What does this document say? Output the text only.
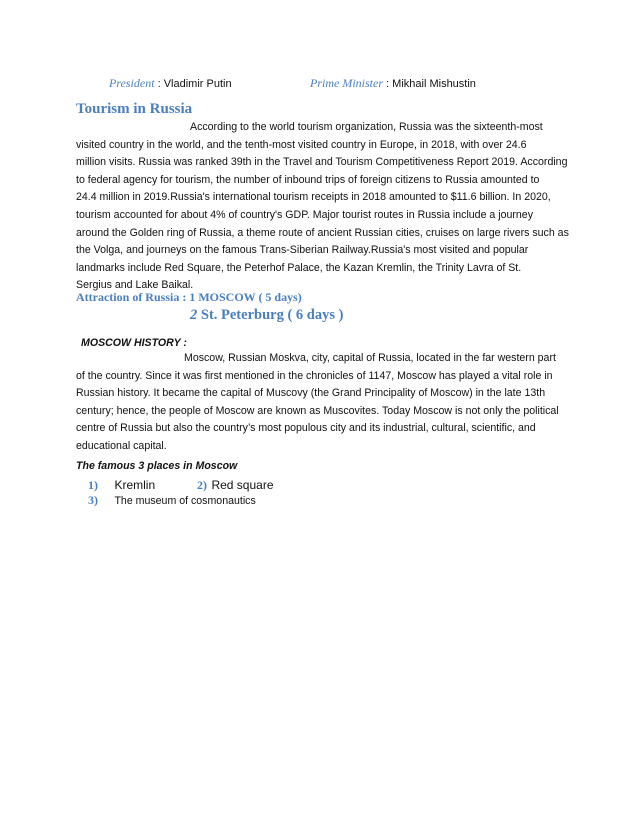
President : Vladimir Putin	Prime Minister : Mikhail Mishustin
Tourism in Russia
According to the world tourism organization, Russia was the sixteenth-most
visited country in the world, and the tenth-most visited country in Europe, in 2018, with over 24.6
million visits. Russia was ranked 39th in the Travel and Tourism Competitiveness Report 2019. According
to federal agency for tourism, the number of inbound trips of foreign citizens to Russia amounted to
24.4 million in 2019.Russia's international tourism receipts in 2018 amounted to $11.6 billion. In 2020,
tourism accounted for about 4% of country's GDP. Major tourist routes in Russia include a journey
around the Golden ring of Russia, a theme route of ancient Russian cities, cruises on large rivers such as
the Volga, and journeys on the famous Trans-Siberian Railway.Russia's most visited and popular
landmarks include Red Square, the Peterhof Palace, the Kazan Kremlin, the Trinity Lavra of St.
Sergius and Lake Baikal.
Attraction of Russia : 1 MOSCOW ( 5 days)
2 St. Peterburg ( 6 days )
MOSCOW HISTORY :
Moscow, Russian Moskva, city, capital of Russia, located in the far western part
of the country. Since it was first mentioned in the chronicles of 1147, Moscow has played a vital role in
Russian history. It became the capital of Muscovy (the Grand Principality of Moscow) in the late 13th
century; hence, the people of Moscow are known as Muscovites. Today Moscow is not only the political
centre of Russia but also the country’s most populous city and its industrial, cultural, scientific, and
educational capital.
The famous 3 places in Moscow
1) Kremlin	2) Red square
3) The museum of cosmonautics
